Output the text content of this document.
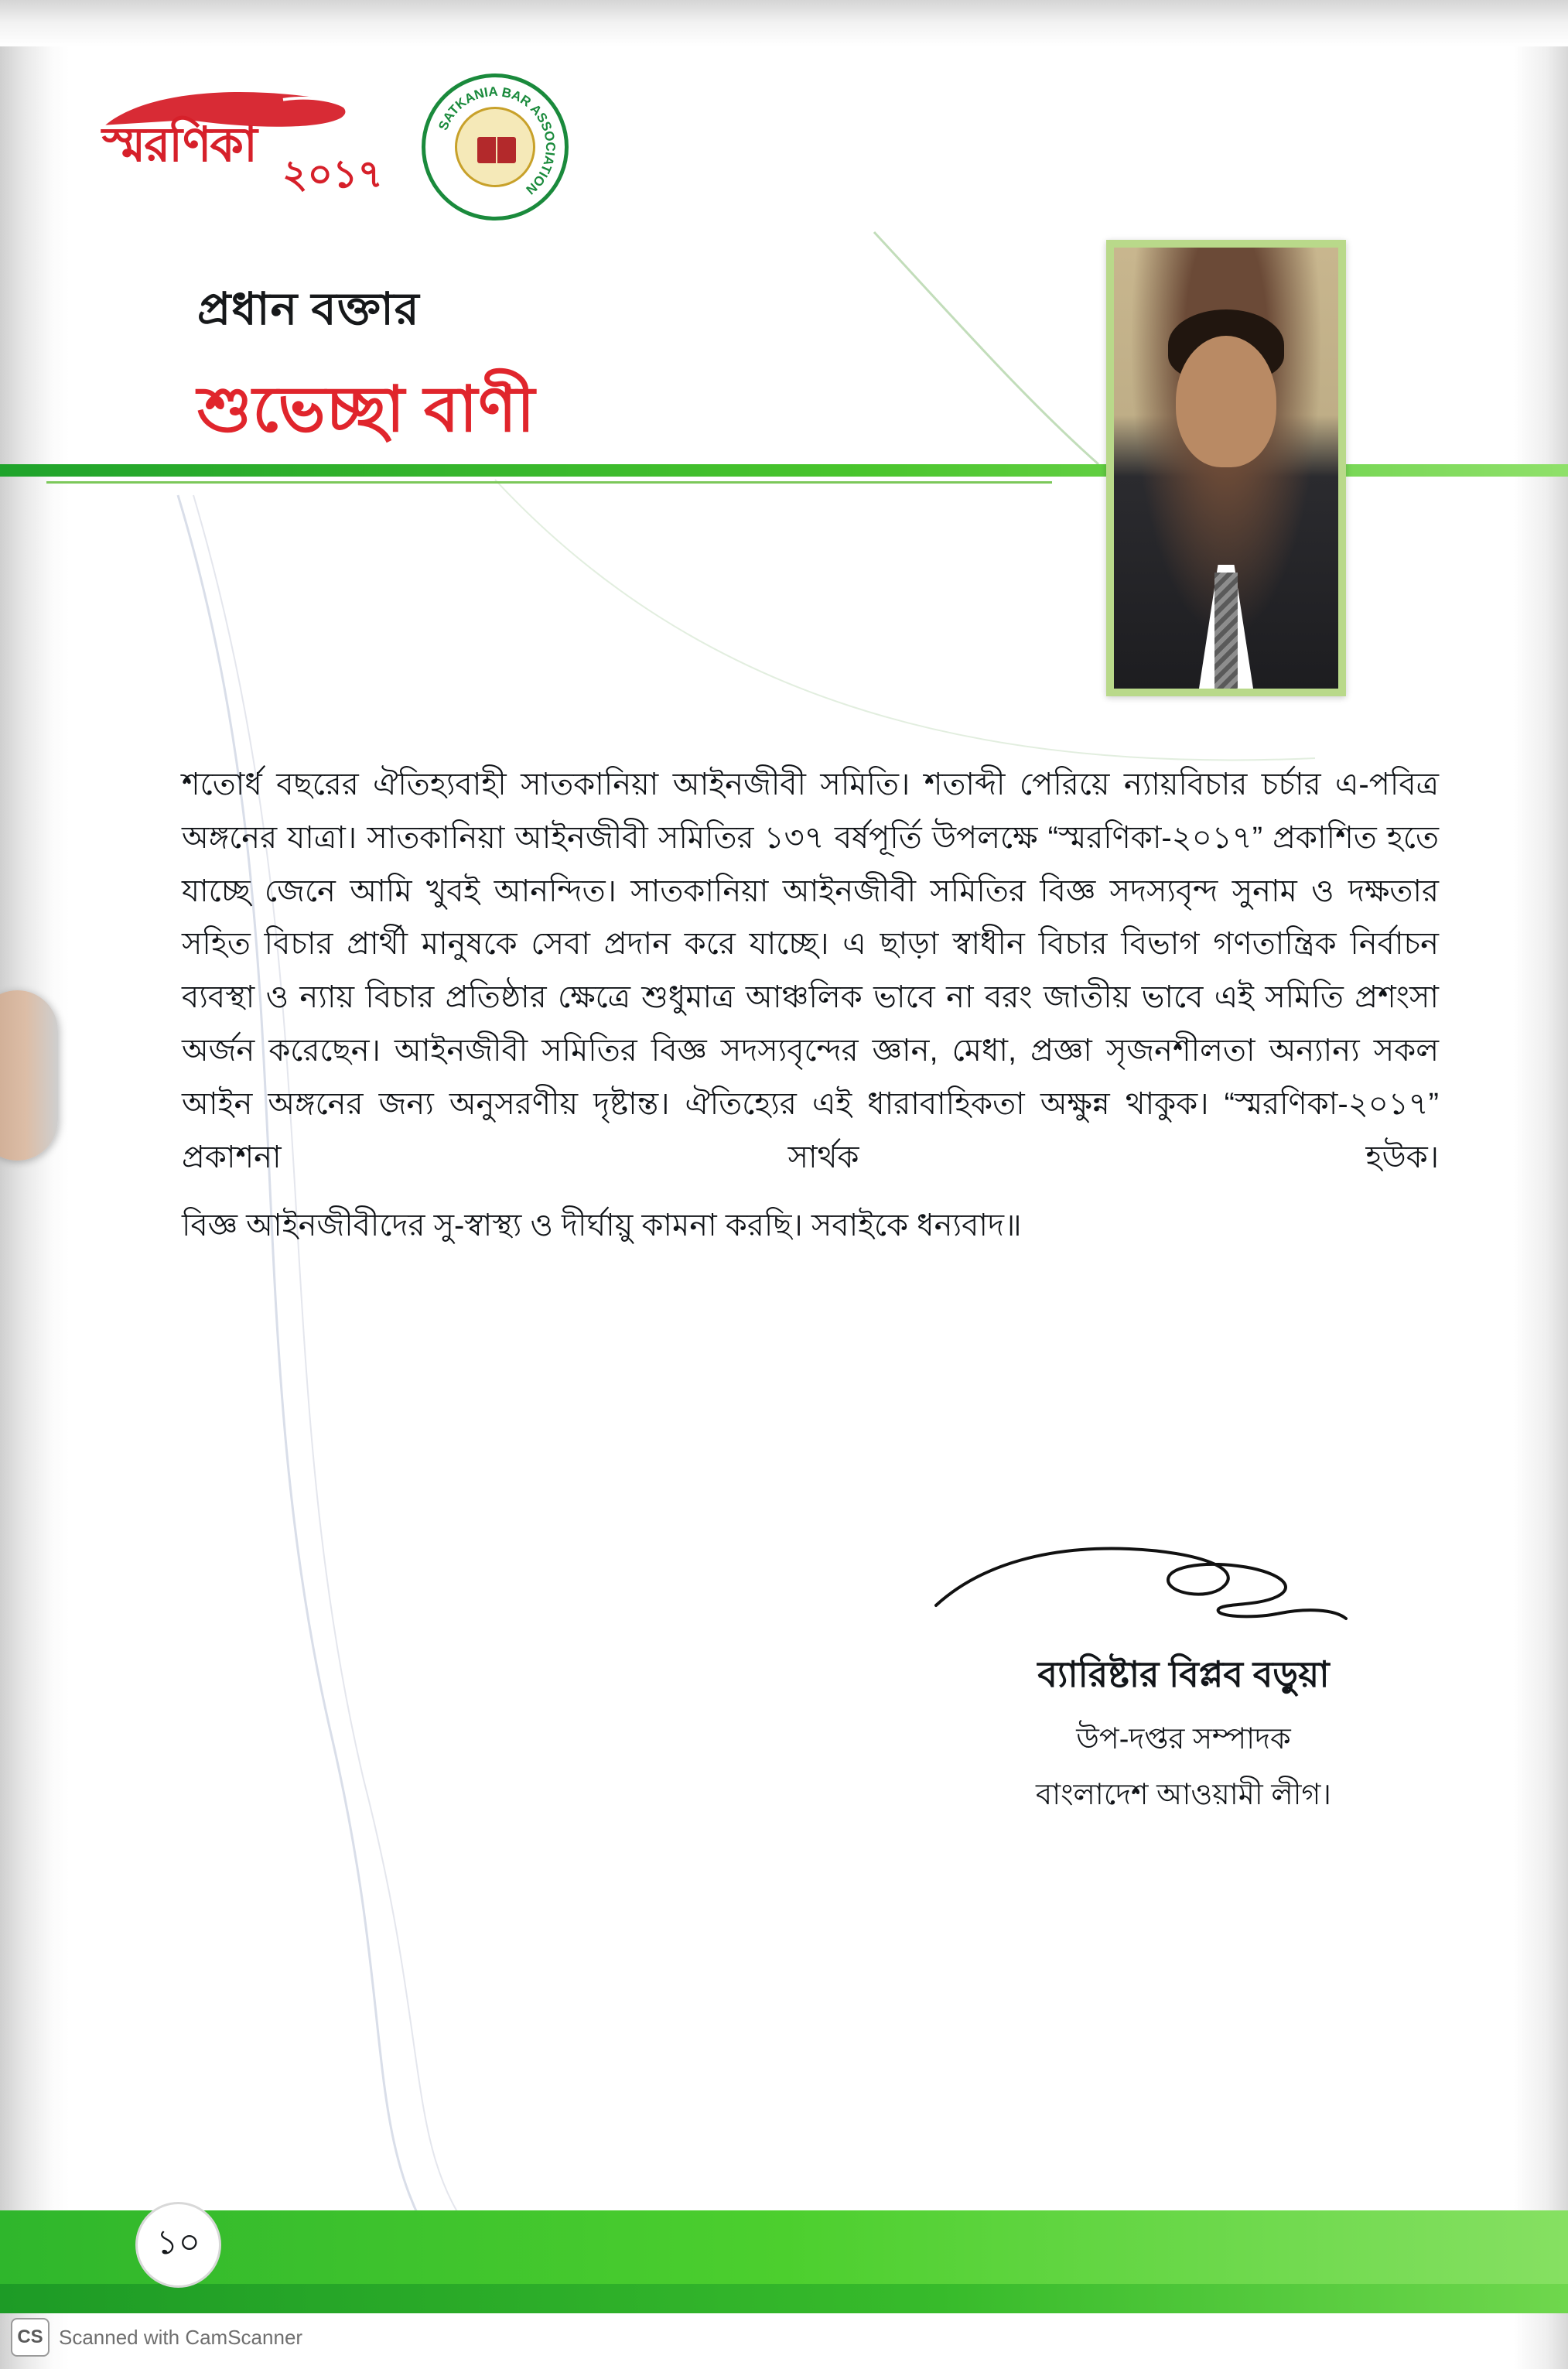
স্মরণিকা
২০১৭
SATKANIA BAR ASSOCIATION
প্রধান বক্তার
শুভেচ্ছা বাণী

শতোর্ধ বছরের ঐতিহ্যবাহী সাতকানিয়া আইনজীবী সমিতি। শতাব্দী পেরিয়ে ন্যায়বিচার চর্চার এ-পবিত্র অঙ্গনের যাত্রা। সাতকানিয়া আইনজীবী সমিতির ১৩৭ বর্ষপূর্তি উপলক্ষে “স্মরণিকা-২০১৭” প্রকাশিত হতে যাচ্ছে জেনে আমি খুবই আনন্দিত। সাতকানিয়া আইনজীবী সমিতির বিজ্ঞ সদস্যবৃন্দ সুনাম ও দক্ষতার সহিত বিচার প্রার্থী মানুষকে সেবা প্রদান করে যাচ্ছে। এ ছাড়া স্বাধীন বিচার বিভাগ গণতান্ত্রিক নির্বাচন ব্যবস্থা ও ন্যায় বিচার প্রতিষ্ঠার ক্ষেত্রে শুধুমাত্র আঞ্চলিক ভাবে না বরং জাতীয় ভাবে এই সমিতি প্রশংসা অর্জন করেছেন। আইনজীবী সমিতির বিজ্ঞ সদস্যবৃন্দের জ্ঞান, মেধা, প্রজ্ঞা সৃজনশীলতা অন্যান্য সকল আইন অঙ্গনের জন্য অনুসরণীয় দৃষ্টান্ত। ঐতিহ্যের এই ধারাবাহিকতা অক্ষুন্ন থাকুক। “স্মরণিকা-২০১৭” প্রকাশনা সার্থক হউক।

বিজ্ঞ আইনজীবীদের সু-স্বাস্থ্য ও দীর্ঘায়ু কামনা করছি। সবাইকে ধন্যবাদ॥

ব্যারিষ্টার বিপ্লব বড়ুয়া
উপ-দপ্তর সম্পাদক
বাংলাদেশ আওয়ামী লীগ।
১০
CS Scanned with CamScanner
